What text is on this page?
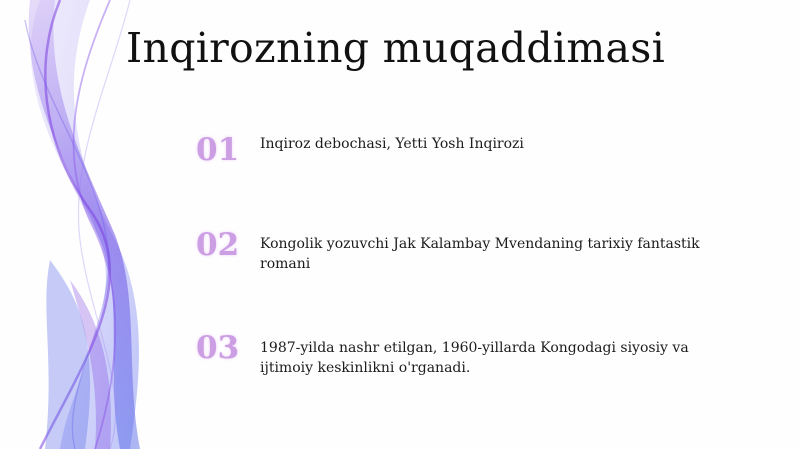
Inqirozning muqaddimasi
01	Inqiroz debochasi, Yetti Yosh Inqirozi
02	Kongolik yozuvchi Jak Kalambay Mvendaning tarixiy fantastik romani
03	1987-yilda nashr etilgan, 1960-yillarda Kongodagi siyosiy va ijtimoiy keskinlikni o'rganadi.
